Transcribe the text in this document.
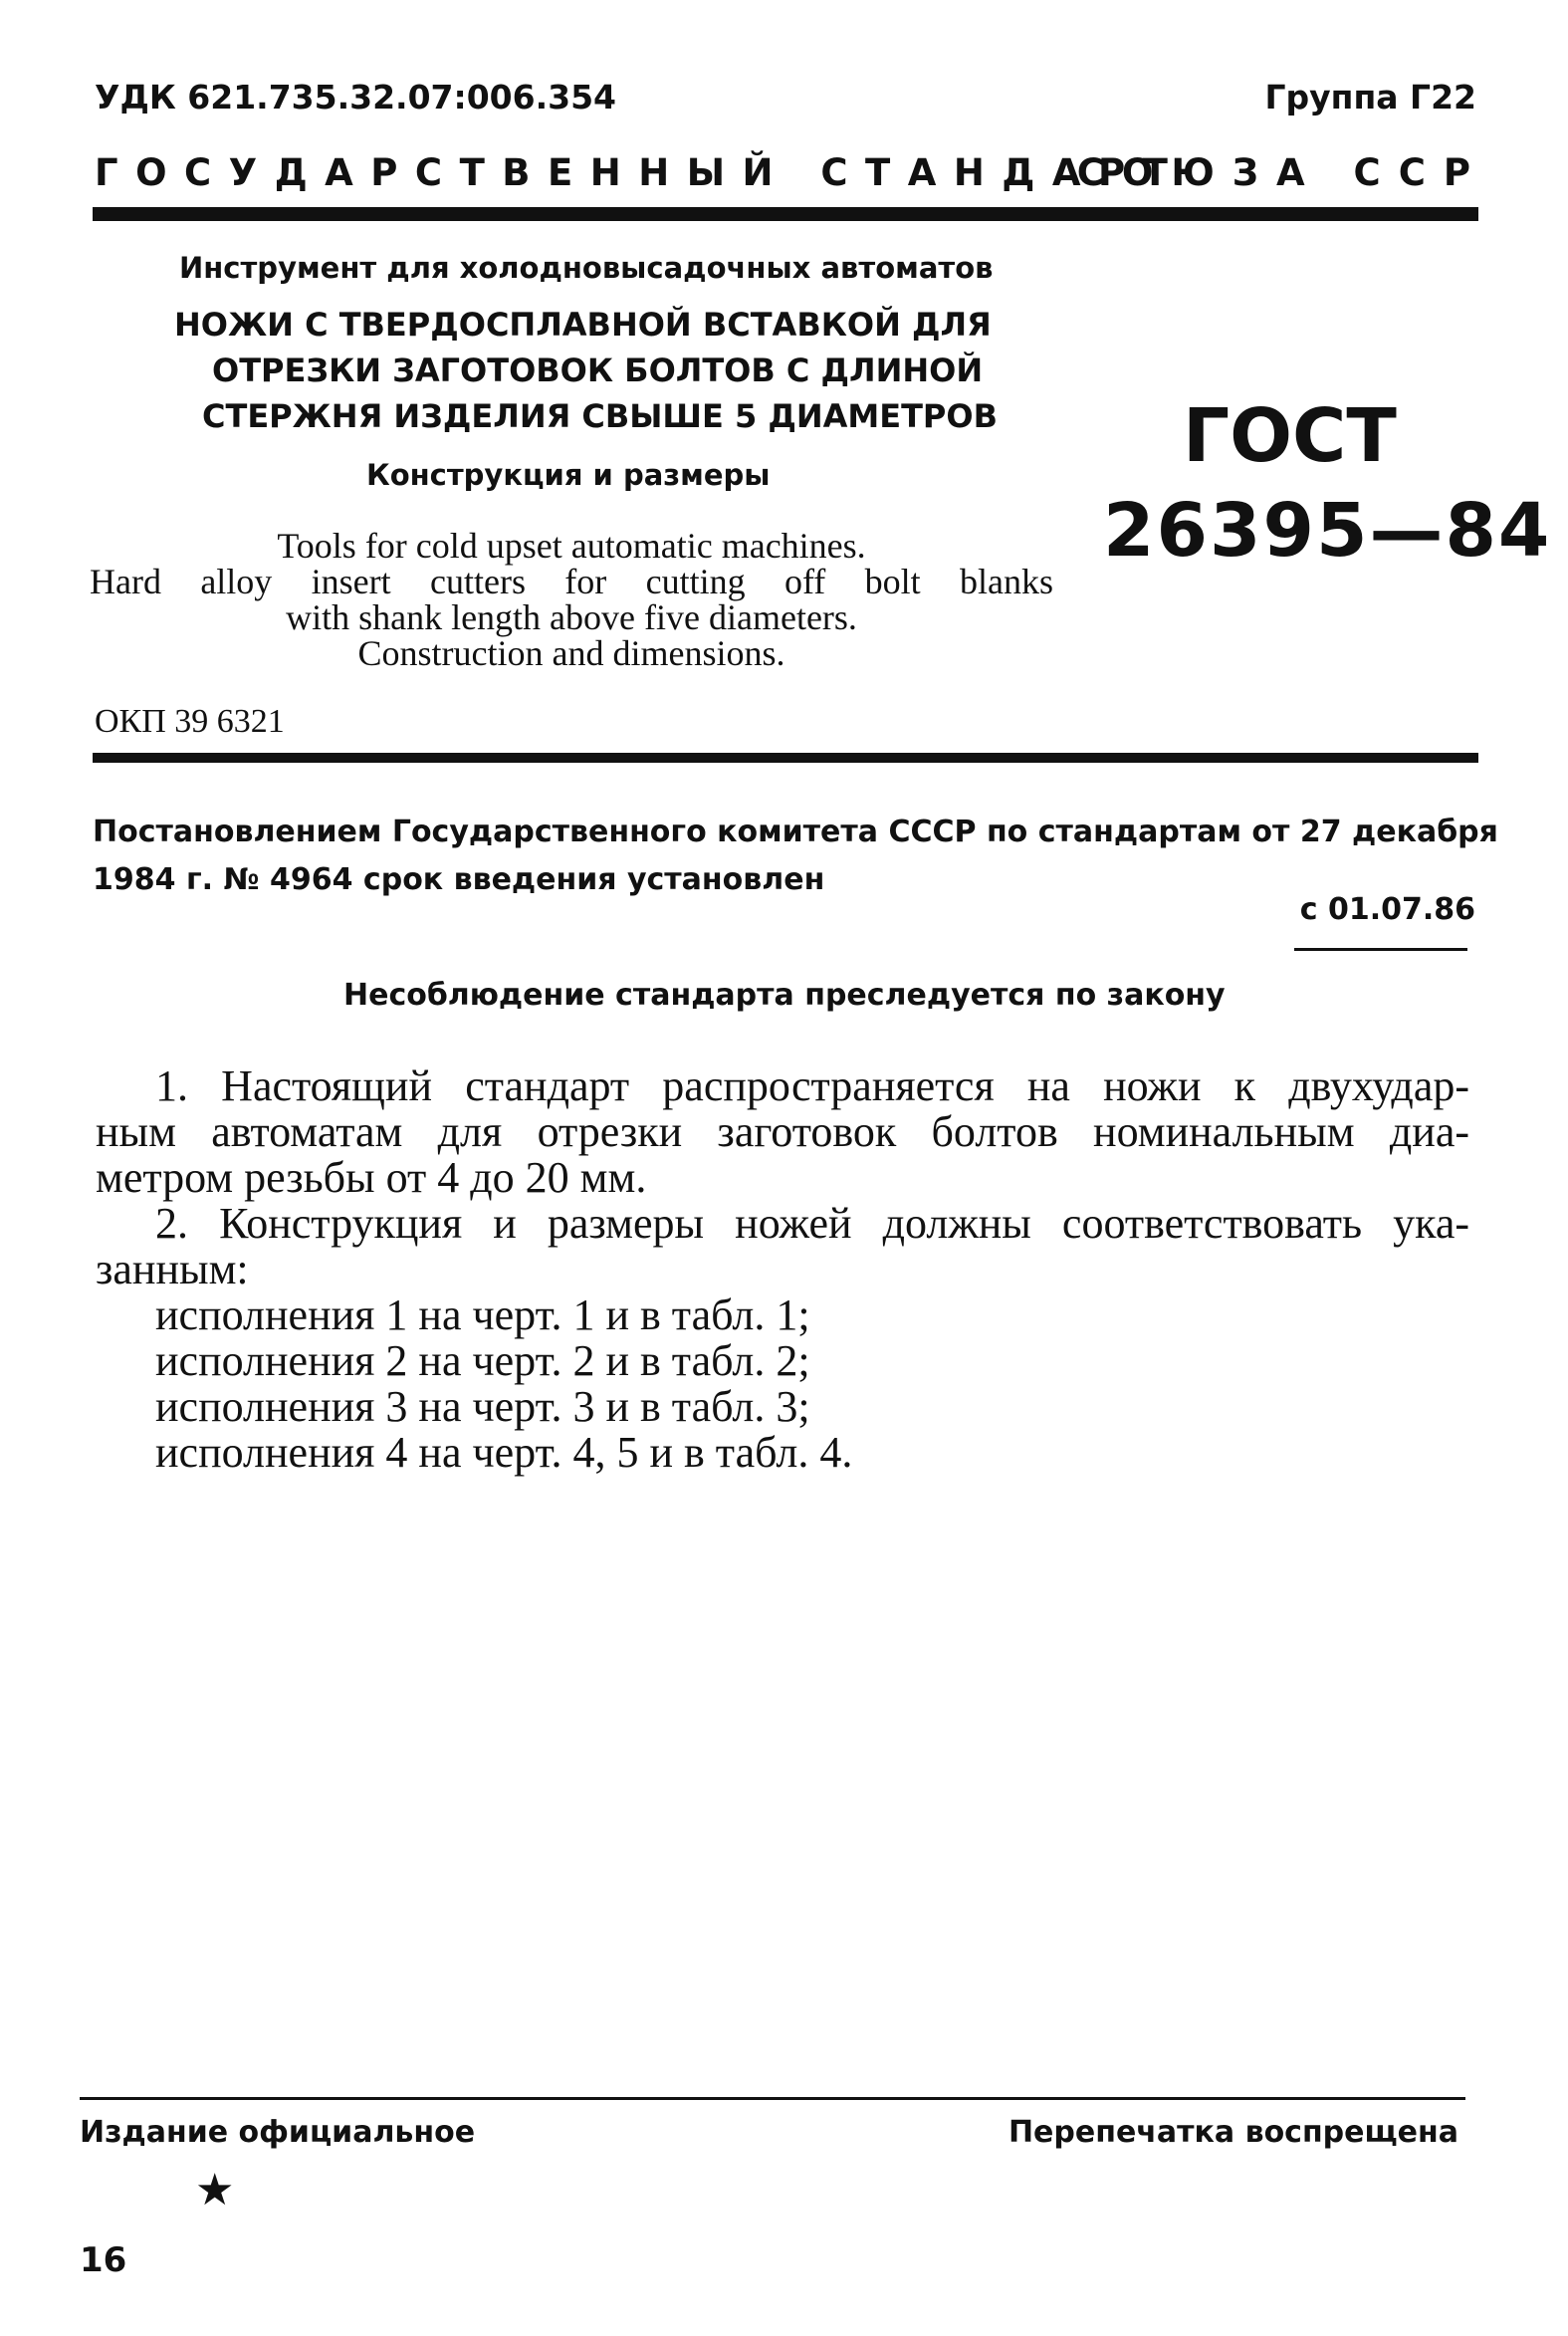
УДК 621.735.32.07:006.354	Группа Г22
ГОСУДАРСТВЕННЫЙ СТАНДАРТ
СОЮЗА ССР
Инструмент для холодновысадочных автоматов
НОЖИ С ТВЕРДОСПЛАВНОЙ ВСТАВКОЙ ДЛЯ
ОТРЕЗКИ ЗАГОТОВОК БОЛТОВ С ДЛИНОЙ
СТЕРЖНЯ ИЗДЕЛИЯ СВЫШЕ 5 ДИАМЕТРОВ
Конструкция и размеры
Tools for cold upset automatic machines.
Hard alloy insert cutters for cutting off bolt blanks
with shank length above five diameters.
Construction and dimensions.
ГОСТ
26395—84
ОКП 39 6321
Постановлением Государственного комитета СССР по стандартам от 27 декабря
1984 г. № 4964 срок введения установлен
с 01.07.86
Несоблюдение стандарта преследуется по закону
1. Настоящий стандарт распространяется на ножи к двухудар-
ным автоматам для отрезки заготовок болтов номинальным диа-
метром резьбы от 4 до 20 мм.
2. Конструкция и размеры ножей должны соответствовать ука-
занным:
исполнения 1 на черт. 1 и в табл. 1;
исполнения 2 на черт. 2 и в табл. 2;
исполнения 3 на черт. 3 и в табл. 3;
исполнения 4 на черт. 4, 5 и в табл. 4.
Издание официальное	Перепечатка воспрещена
★
16
